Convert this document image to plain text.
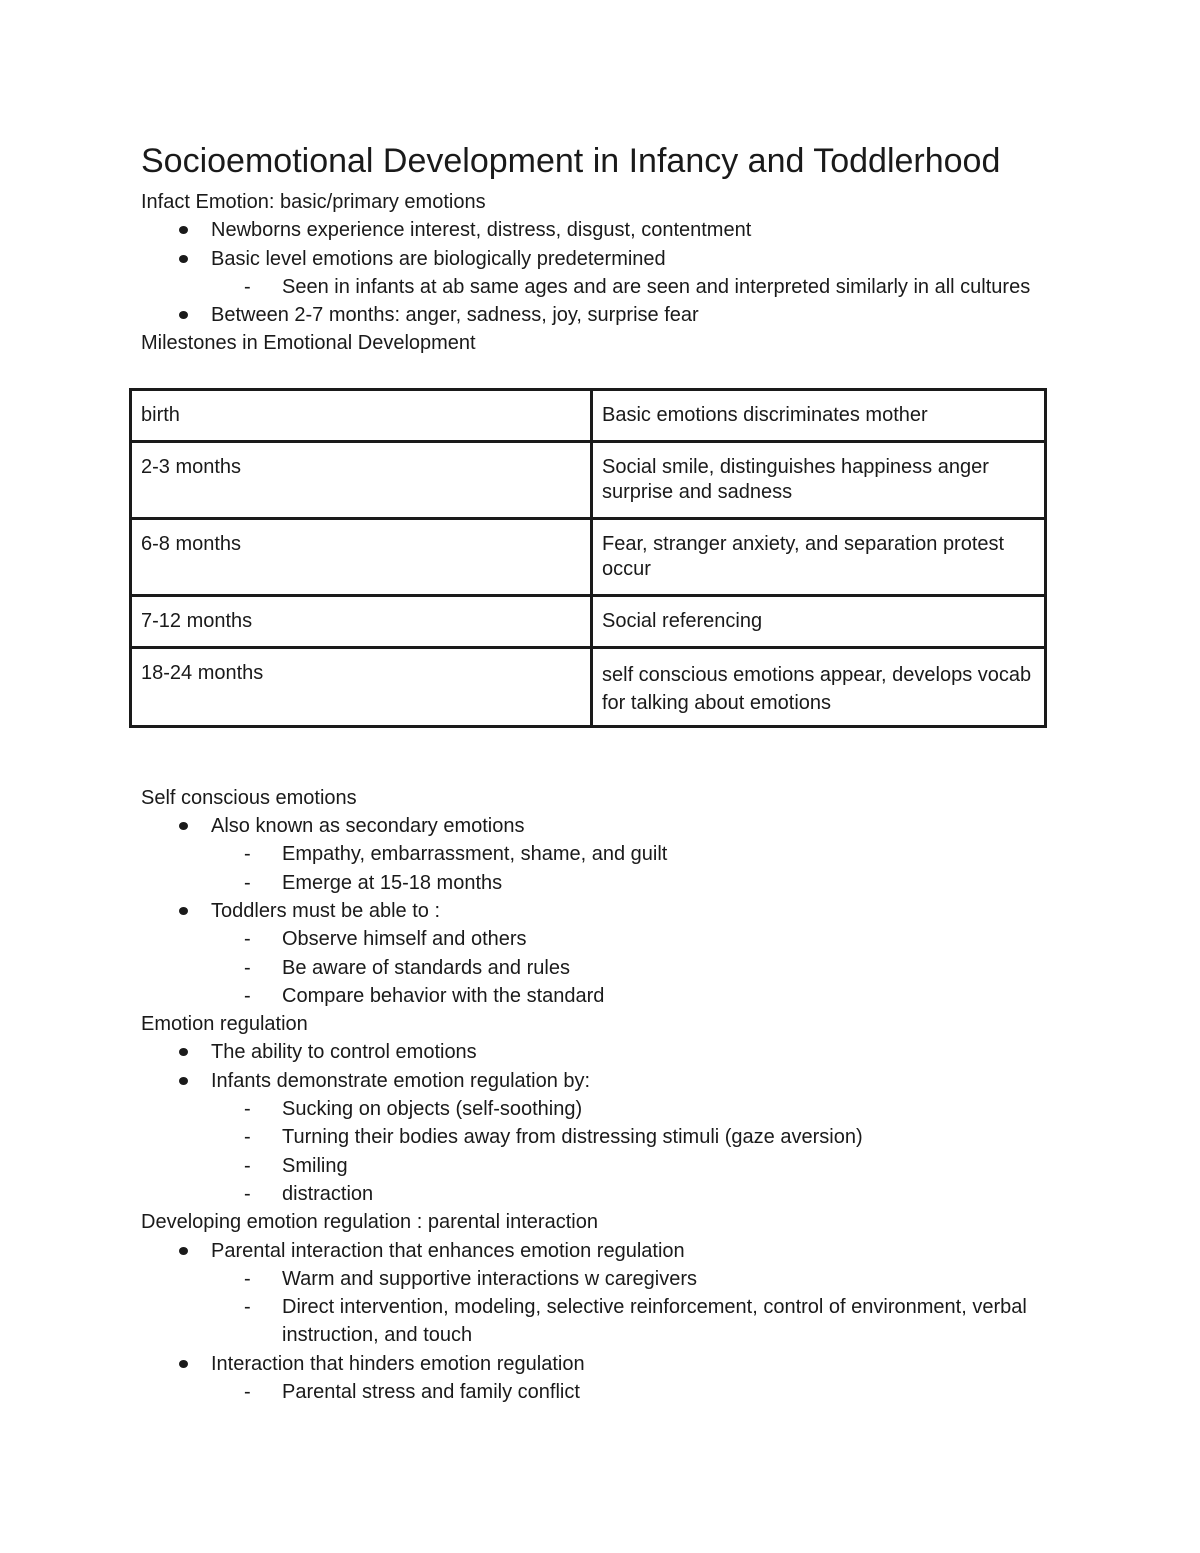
Socioemotional Development in Infancy and Toddlerhood

Infact Emotion: basic/primary emotions

Newborns experience interest, distress, disgust, contentment
Basic level emotions are biologically predetermined
- Seen in infants at ab same ages and are seen and interpreted similarly in all cultures
Between 2-7 months: anger, sadness, joy, surprise fear

Milestones in Emotional Development

birth	Basic emotions discriminates mother
2-3 months	Social smile, distinguishes happiness anger surprise and sadness
6-8 months	Fear, stranger anxiety, and separation protest occur
7-12 months	Social referencing
18-24 months	self conscious emotions appear, develops vocab for talking about emotions

Self conscious emotions

Also known as secondary emotions
- Empathy, embarrassment, shame, and guilt
- Emerge at 15-18 months
Toddlers must be able to :
- Observe himself and others
- Be aware of standards and rules
- Compare behavior with the standard

Emotion regulation

The ability to control emotions
Infants demonstrate emotion regulation by:
- Sucking on objects (self-soothing)
- Turning their bodies away from distressing stimuli (gaze aversion)
- Smiling
- distraction

Developing emotion regulation : parental interaction

Parental interaction that enhances emotion regulation
- Warm and supportive interactions w caregivers
- Direct intervention, modeling, selective reinforcement, control of environment, verbal instruction, and touch
Interaction that hinders emotion regulation
- Parental stress and family conflict
